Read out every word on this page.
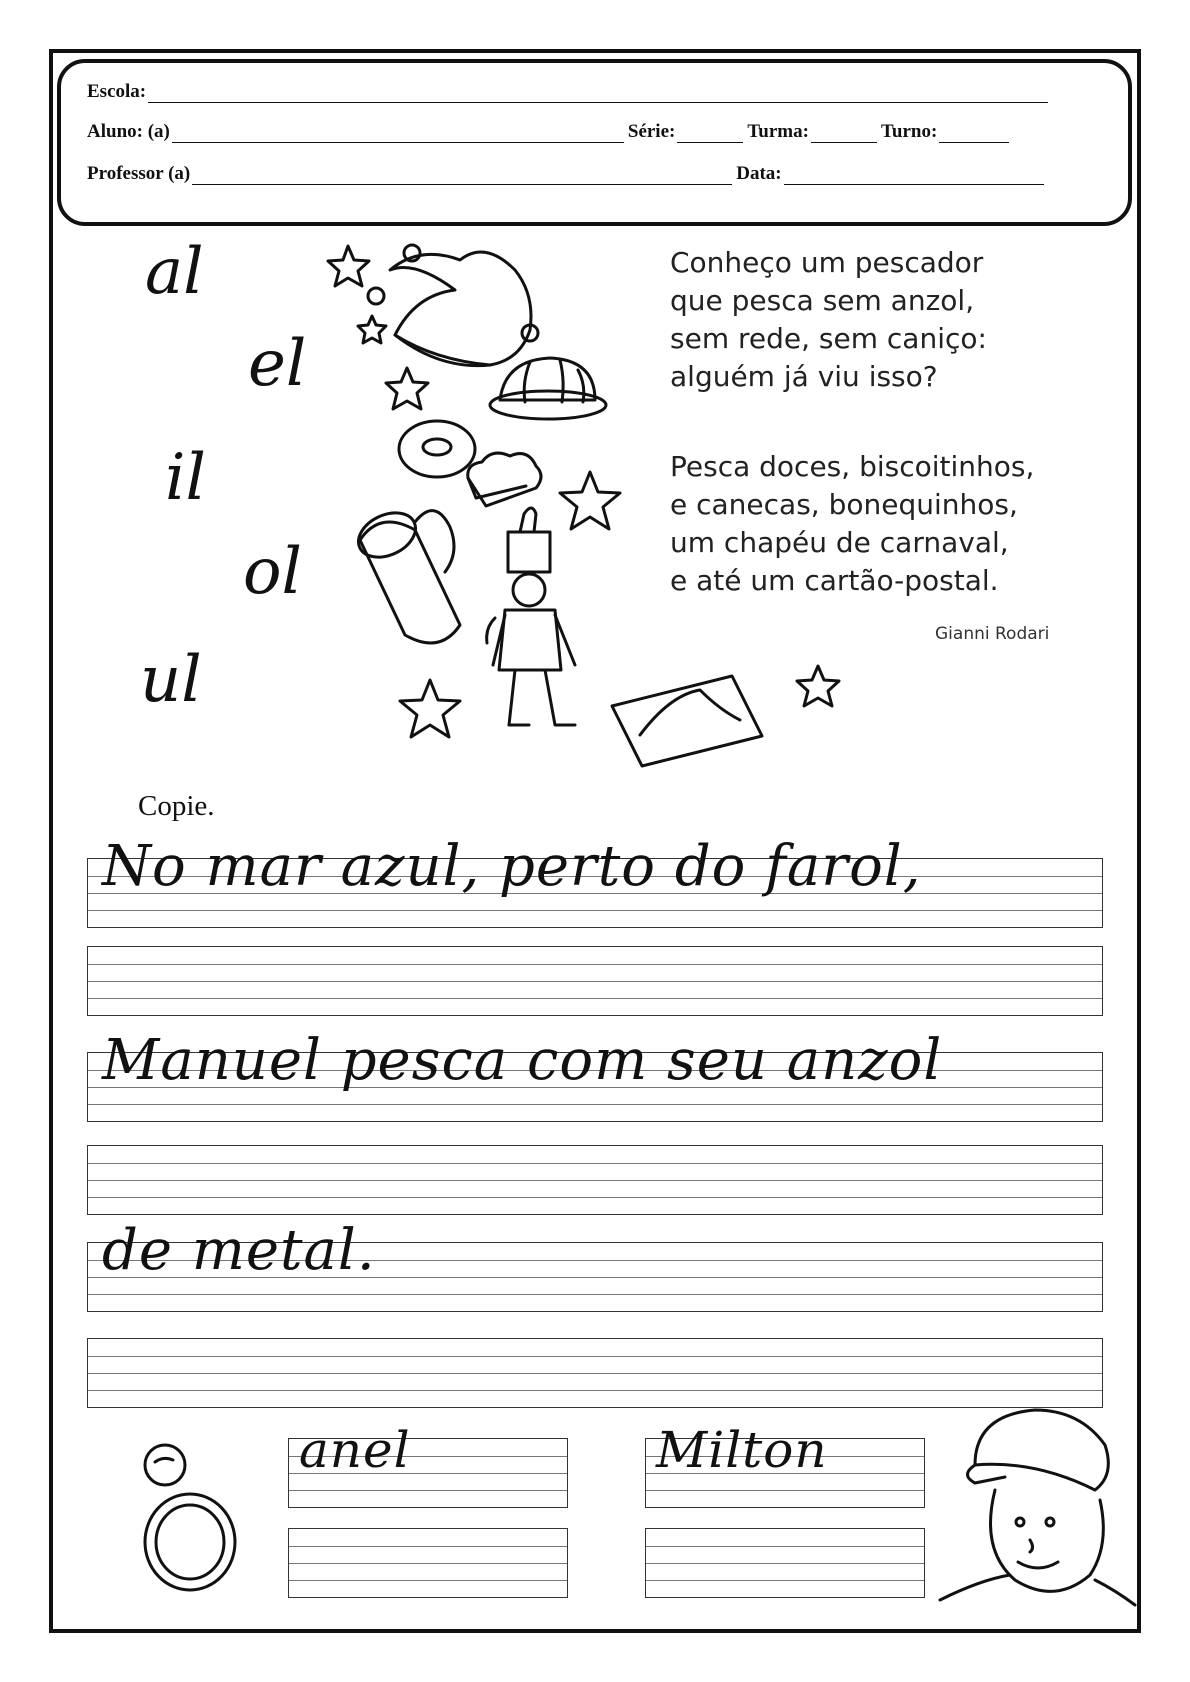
Escola:
Aluno: (a)	Série:	Turma:	Turno:
Professor (a)	Data:
al
el
il
ol
ul
Conheço um pescador
que pesca sem anzol,
sem rede, sem caniço:
alguém já viu isso?
Pesca doces, biscoitinhos,
e canecas, bonequinhos,
um chapéu de carnaval,
e até um cartão-postal.
Gianni Rodari
Copie.
No mar azul, perto do farol,
Manuel pesca com seu anzol
de metal.
anel	Milton
